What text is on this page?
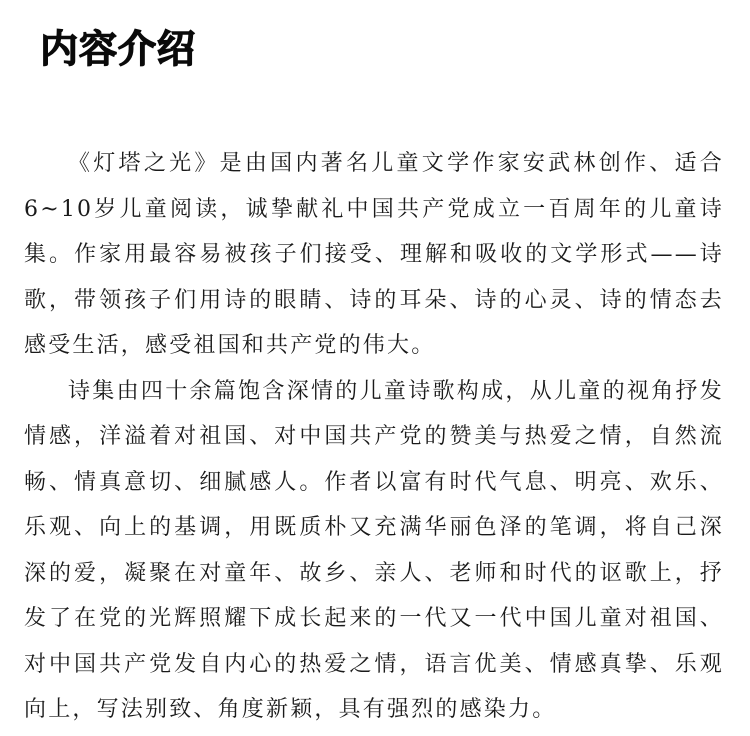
内容介绍

《灯塔之光》是由国内著名儿童文学作家安武林创作、适合6~10岁儿童阅读，诚挚献礼中国共产党成立一百周年的儿童诗集。作家用最容易被孩子们接受、理解和吸收的文学形式——诗歌，带领孩子们用诗的眼睛、诗的耳朵、诗的心灵、诗的情态去感受生活，感受祖国和共产党的伟大。

诗集由四十余篇饱含深情的儿童诗歌构成，从儿童的视角抒发情感，洋溢着对祖国、对中国共产党的赞美与热爱之情，自然流畅、情真意切、细腻感人。作者以富有时代气息、明亮、欢乐、乐观、向上的基调，用既质朴又充满华丽色泽的笔调，将自己深深的爱，凝聚在对童年、故乡、亲人、老师和时代的讴歌上，抒发了在党的光辉照耀下成长起来的一代又一代中国儿童对祖国、对中国共产党发自内心的热爱之情，语言优美、情感真挚、乐观向上，写法别致、角度新颖，具有强烈的感染力。
